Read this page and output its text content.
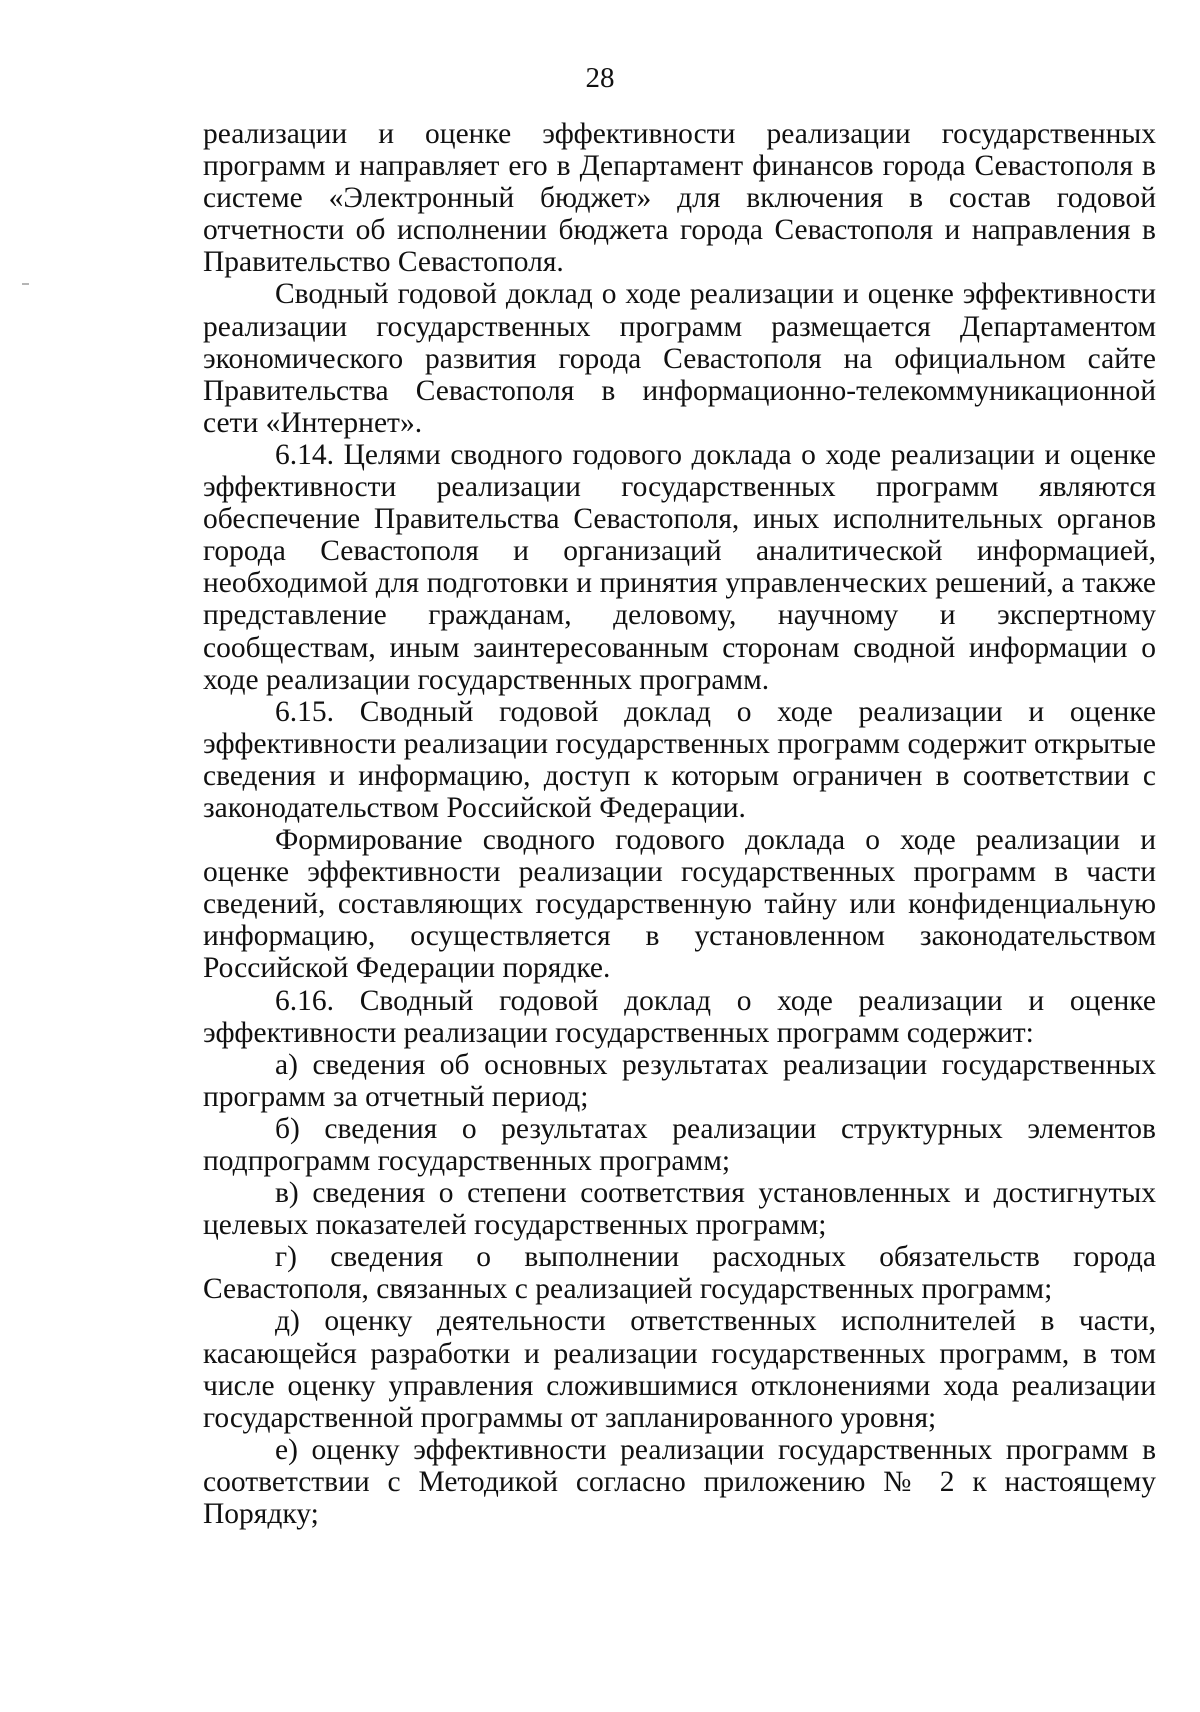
28

реализации и оценке эффективности реализации государственных программ и направляет его в Департамент финансов города Севастополя в системе «Электронный бюджет» для включения в состав годовой отчетности об исполнении бюджета города Севастополя и направления в Правительство Севастополя.

Сводный годовой доклад о ходе реализации и оценке эффективности реализации государственных программ размещается Департаментом экономического развития города Севастополя на официальном сайте Правительства Севастополя в информационно-телекоммуникационной сети «Интернет».

6.14. Целями сводного годового доклада о ходе реализации и оценке эффективности реализации государственных программ являются обеспечение Правительства Севастополя, иных исполнительных органов города Севастополя и организаций аналитической информацией, необходимой для подготовки и принятия управленческих решений, а также представление гражданам, деловому, научному и экспертному сообществам, иным заинтересованным сторонам сводной информации о ходе реализации государственных программ.

6.15. Сводный годовой доклад о ходе реализации и оценке эффективности реализации государственных программ содержит открытые сведения и информацию, доступ к которым ограничен в соответствии с законодательством Российской Федерации.

Формирование сводного годового доклада о ходе реализации и оценке эффективности реализации государственных программ в части сведений, составляющих государственную тайну или конфиденциальную информацию, осуществляется в установленном законодательством Российской Федерации порядке.

6.16. Сводный годовой доклад о ходе реализации и оценке эффективности реализации государственных программ содержит:

а) сведения об основных результатах реализации государственных программ за отчетный период;

б) сведения о результатах реализации структурных элементов подпрограмм государственных программ;

в) сведения о степени соответствия установленных и достигнутых целевых показателей государственных программ;

г) сведения о выполнении расходных обязательств города Севастополя, связанных с реализацией государственных программ;

д) оценку деятельности ответственных исполнителей в части, касающейся разработки и реализации государственных программ, в том числе оценку управления сложившимися отклонениями хода реализации государственной программы от запланированного уровня;

е) оценку эффективности реализации государственных программ в соответствии с Методикой согласно приложению № 2 к настоящему Порядку;
